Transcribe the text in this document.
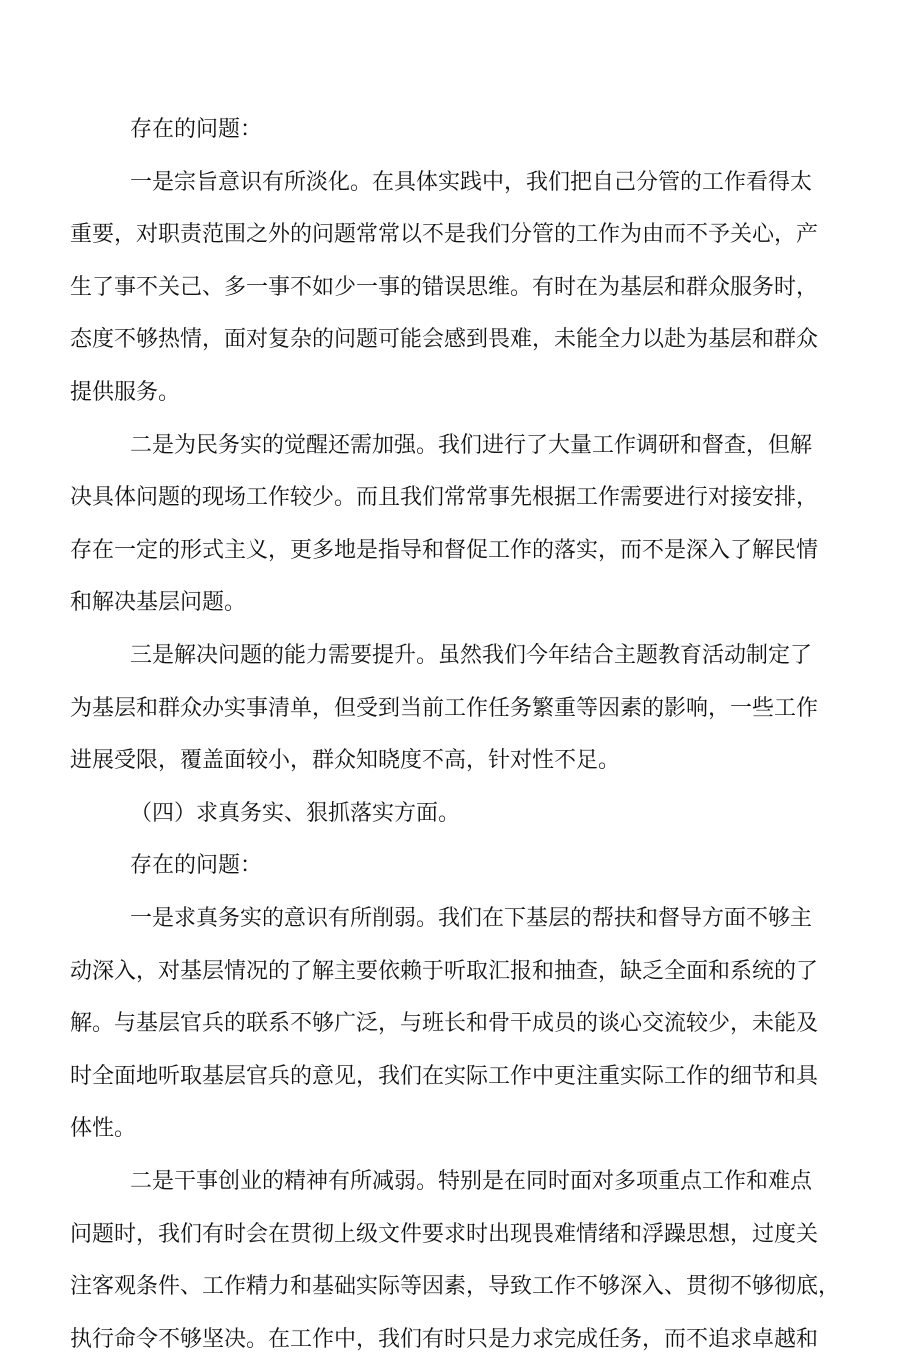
存在的问题：
一是宗旨意识有所淡化。在具体实践中，我们把自己分管的工作看得太
重要，对职责范围之外的问题常常以不是我们分管的工作为由而不予关心，产
生了事不关己、多一事不如少一事的错误思维。有时在为基层和群众服务时，
态度不够热情，面对复杂的问题可能会感到畏难，未能全力以赴为基层和群众
提供服务。
二是为民务实的觉醒还需加强。我们进行了大量工作调研和督查，但解
决具体问题的现场工作较少。而且我们常常事先根据工作需要进行对接安排，
存在一定的形式主义，更多地是指导和督促工作的落实，而不是深入了解民情
和解决基层问题。
三是解决问题的能力需要提升。虽然我们今年结合主题教育活动制定了
为基层和群众办实事清单，但受到当前工作任务繁重等因素的影响，一些工作
进展受限，覆盖面较小，群众知晓度不高，针对性不足。
（四）求真务实、狠抓落实方面。
存在的问题：
一是求真务实的意识有所削弱。我们在下基层的帮扶和督导方面不够主
动深入，对基层情况的了解主要依赖于听取汇报和抽查，缺乏全面和系统的了
解。与基层官兵的联系不够广泛，与班长和骨干成员的谈心交流较少，未能及
时全面地听取基层官兵的意见，我们在实际工作中更注重实际工作的细节和具
体性。
二是干事创业的精神有所减弱。特别是在同时面对多项重点工作和难点
问题时，我们有时会在贯彻上级文件要求时出现畏难情绪和浮躁思想，过度关
注客观条件、工作精力和基础实际等因素，导致工作不够深入、贯彻不够彻底，
执行命令不够坚决。在工作中，我们有时只是力求完成任务，而不追求卓越和
